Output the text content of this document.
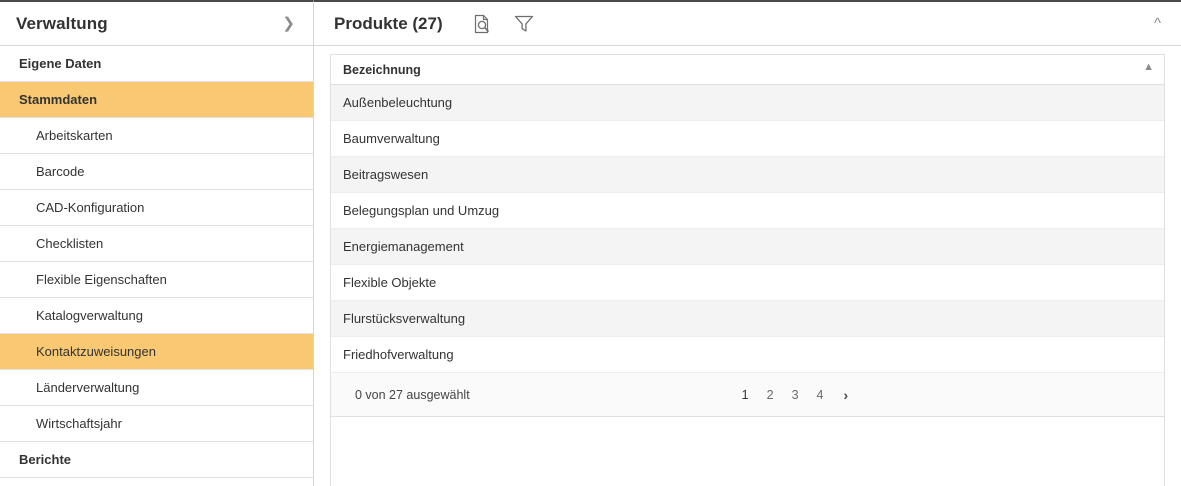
Verwaltung	❯
Eigene Daten
Stammdaten
Arbeitskarten
Barcode
CAD-Konfiguration
Checklisten
Flexible Eigenschaften
Katalogverwaltung
Kontaktzuweisungen
Länderverwaltung
Wirtschaftsjahr
Berichte
Produkte (27)	^
Bezeichnung	▲
Außenbeleuchtung
Baumverwaltung
Beitragswesen
Belegungsplan und Umzug
Energiemanagement
Flexible Objekte
Flurstücksverwaltung
Friedhofverwaltung
0 von 27 ausgewählt	1 2 3 4 ›
